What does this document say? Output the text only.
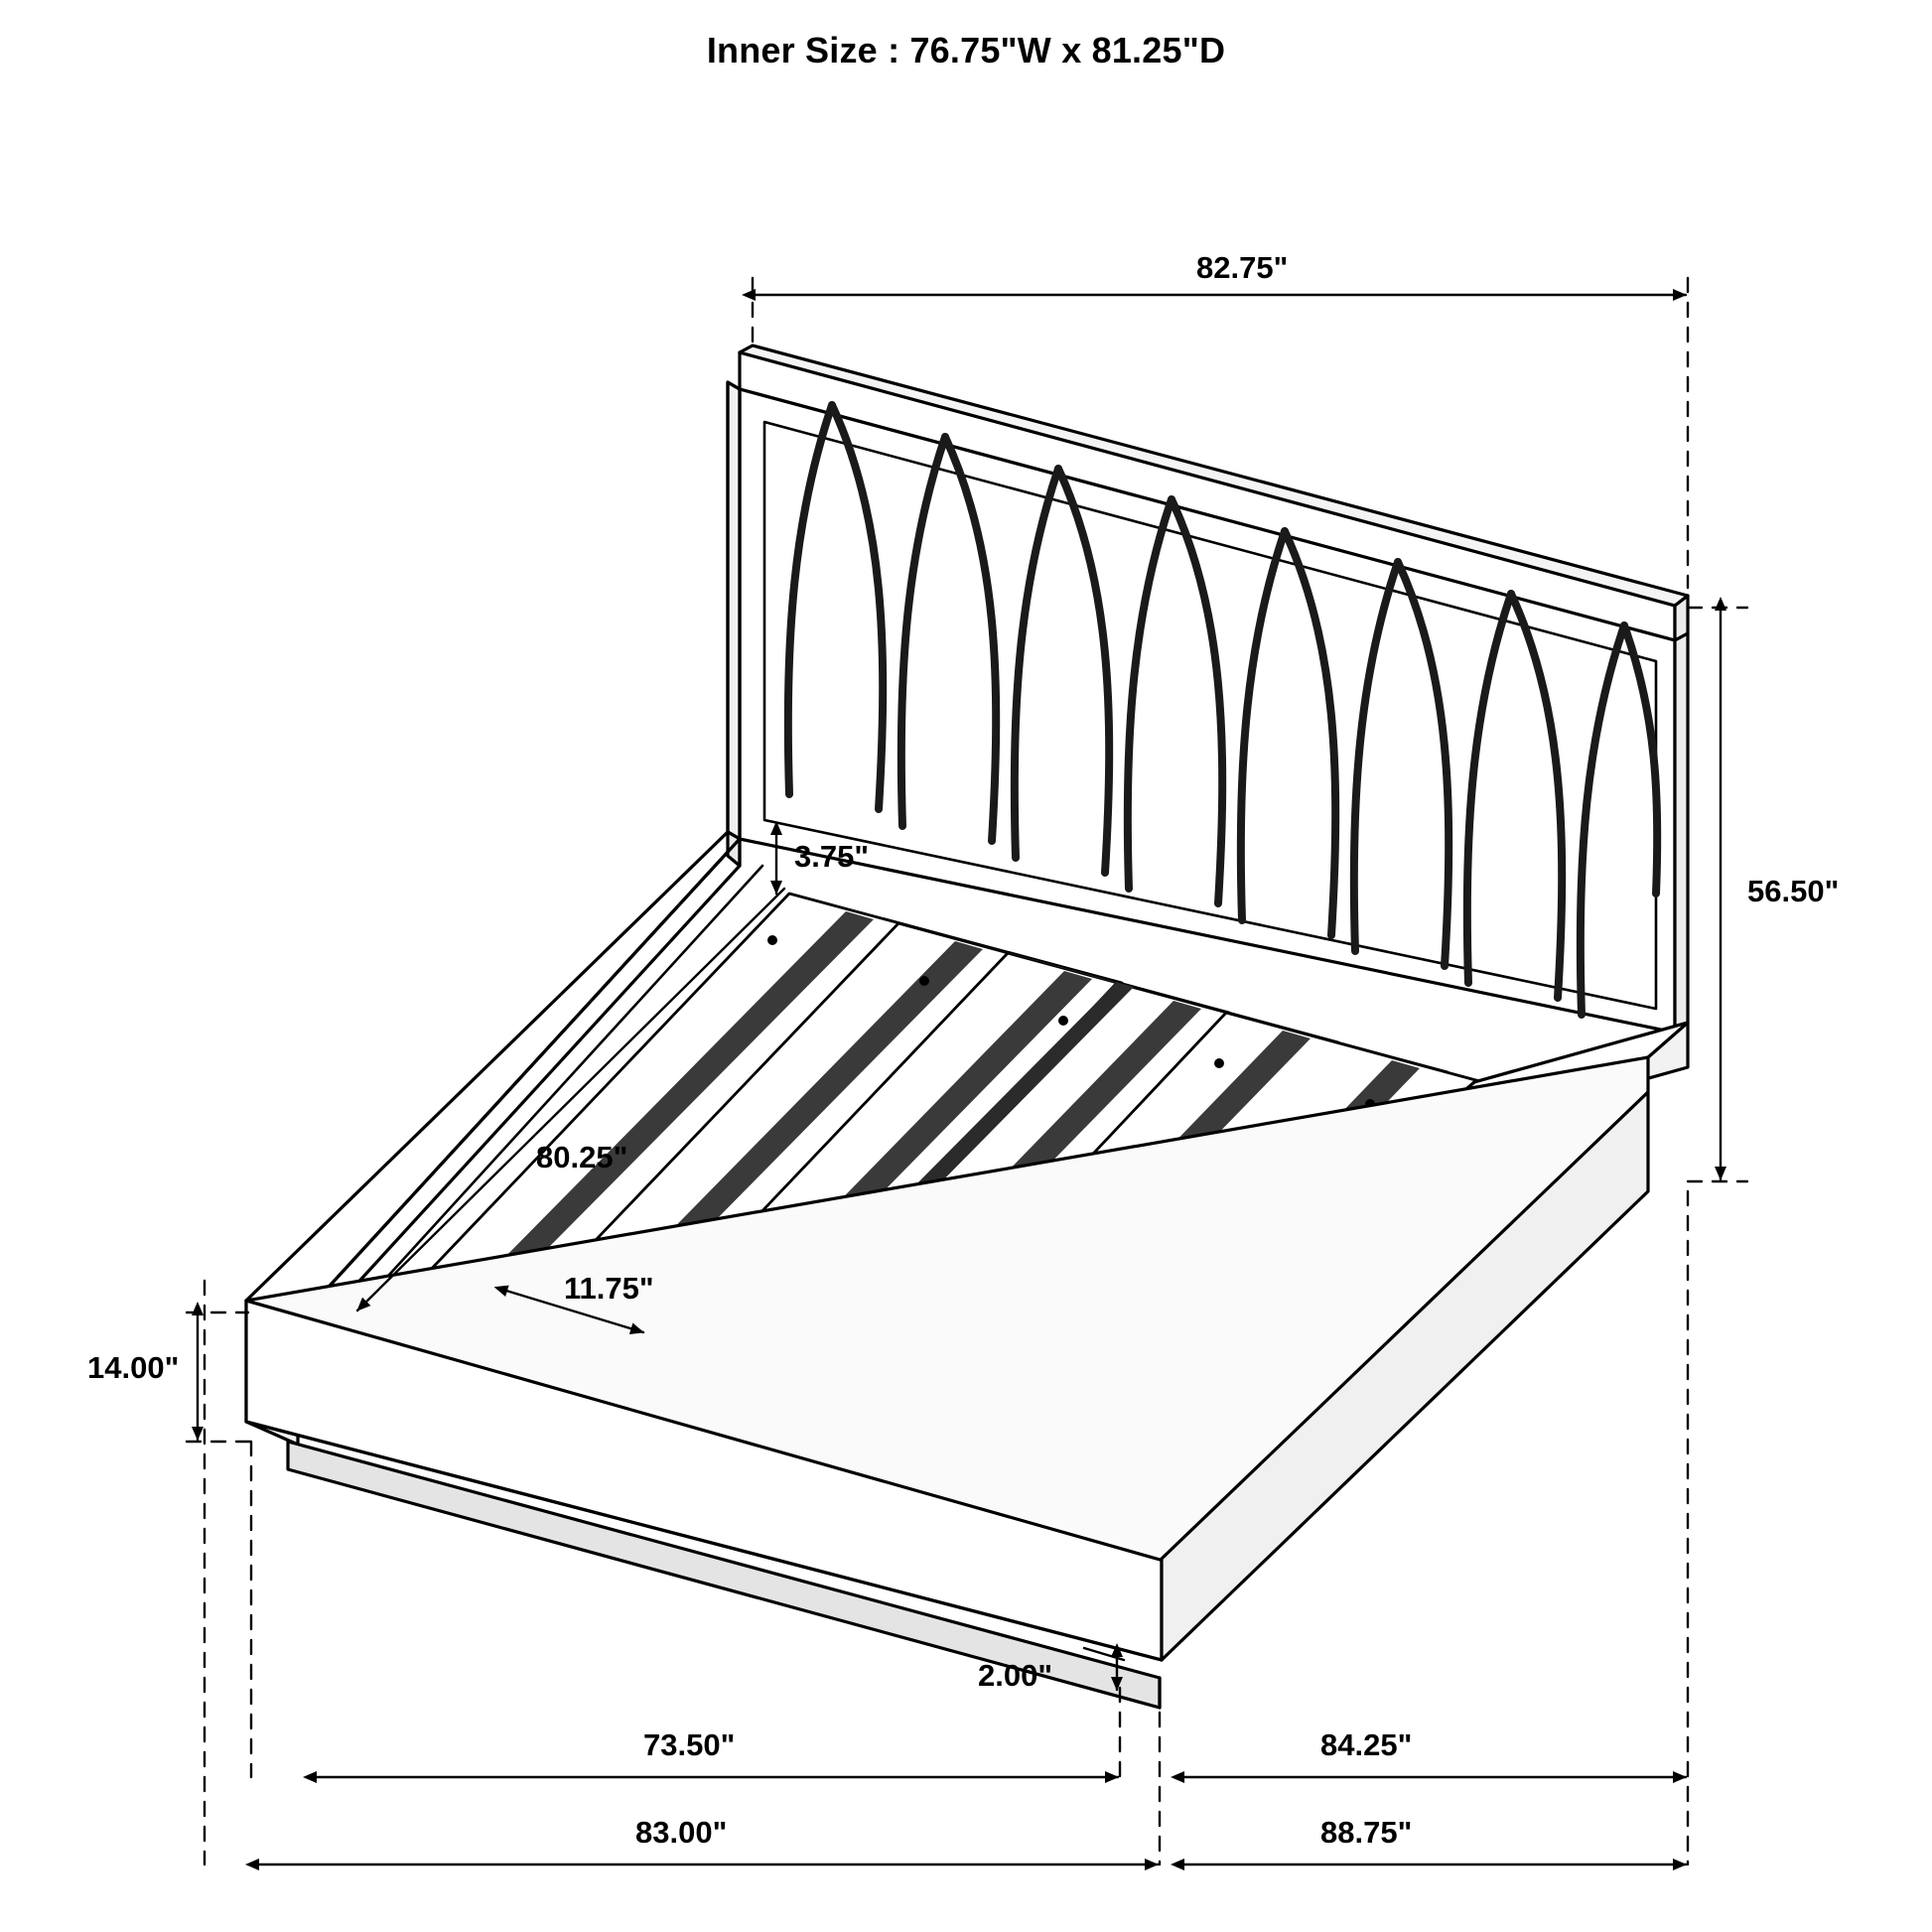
Inner Size : 76.75"W x 81.25"D
82.75"
56.50"
3.75"
80.25"
11.75"
14.00"
2.00"
73.50"	84.25"
83.00"	88.75"
